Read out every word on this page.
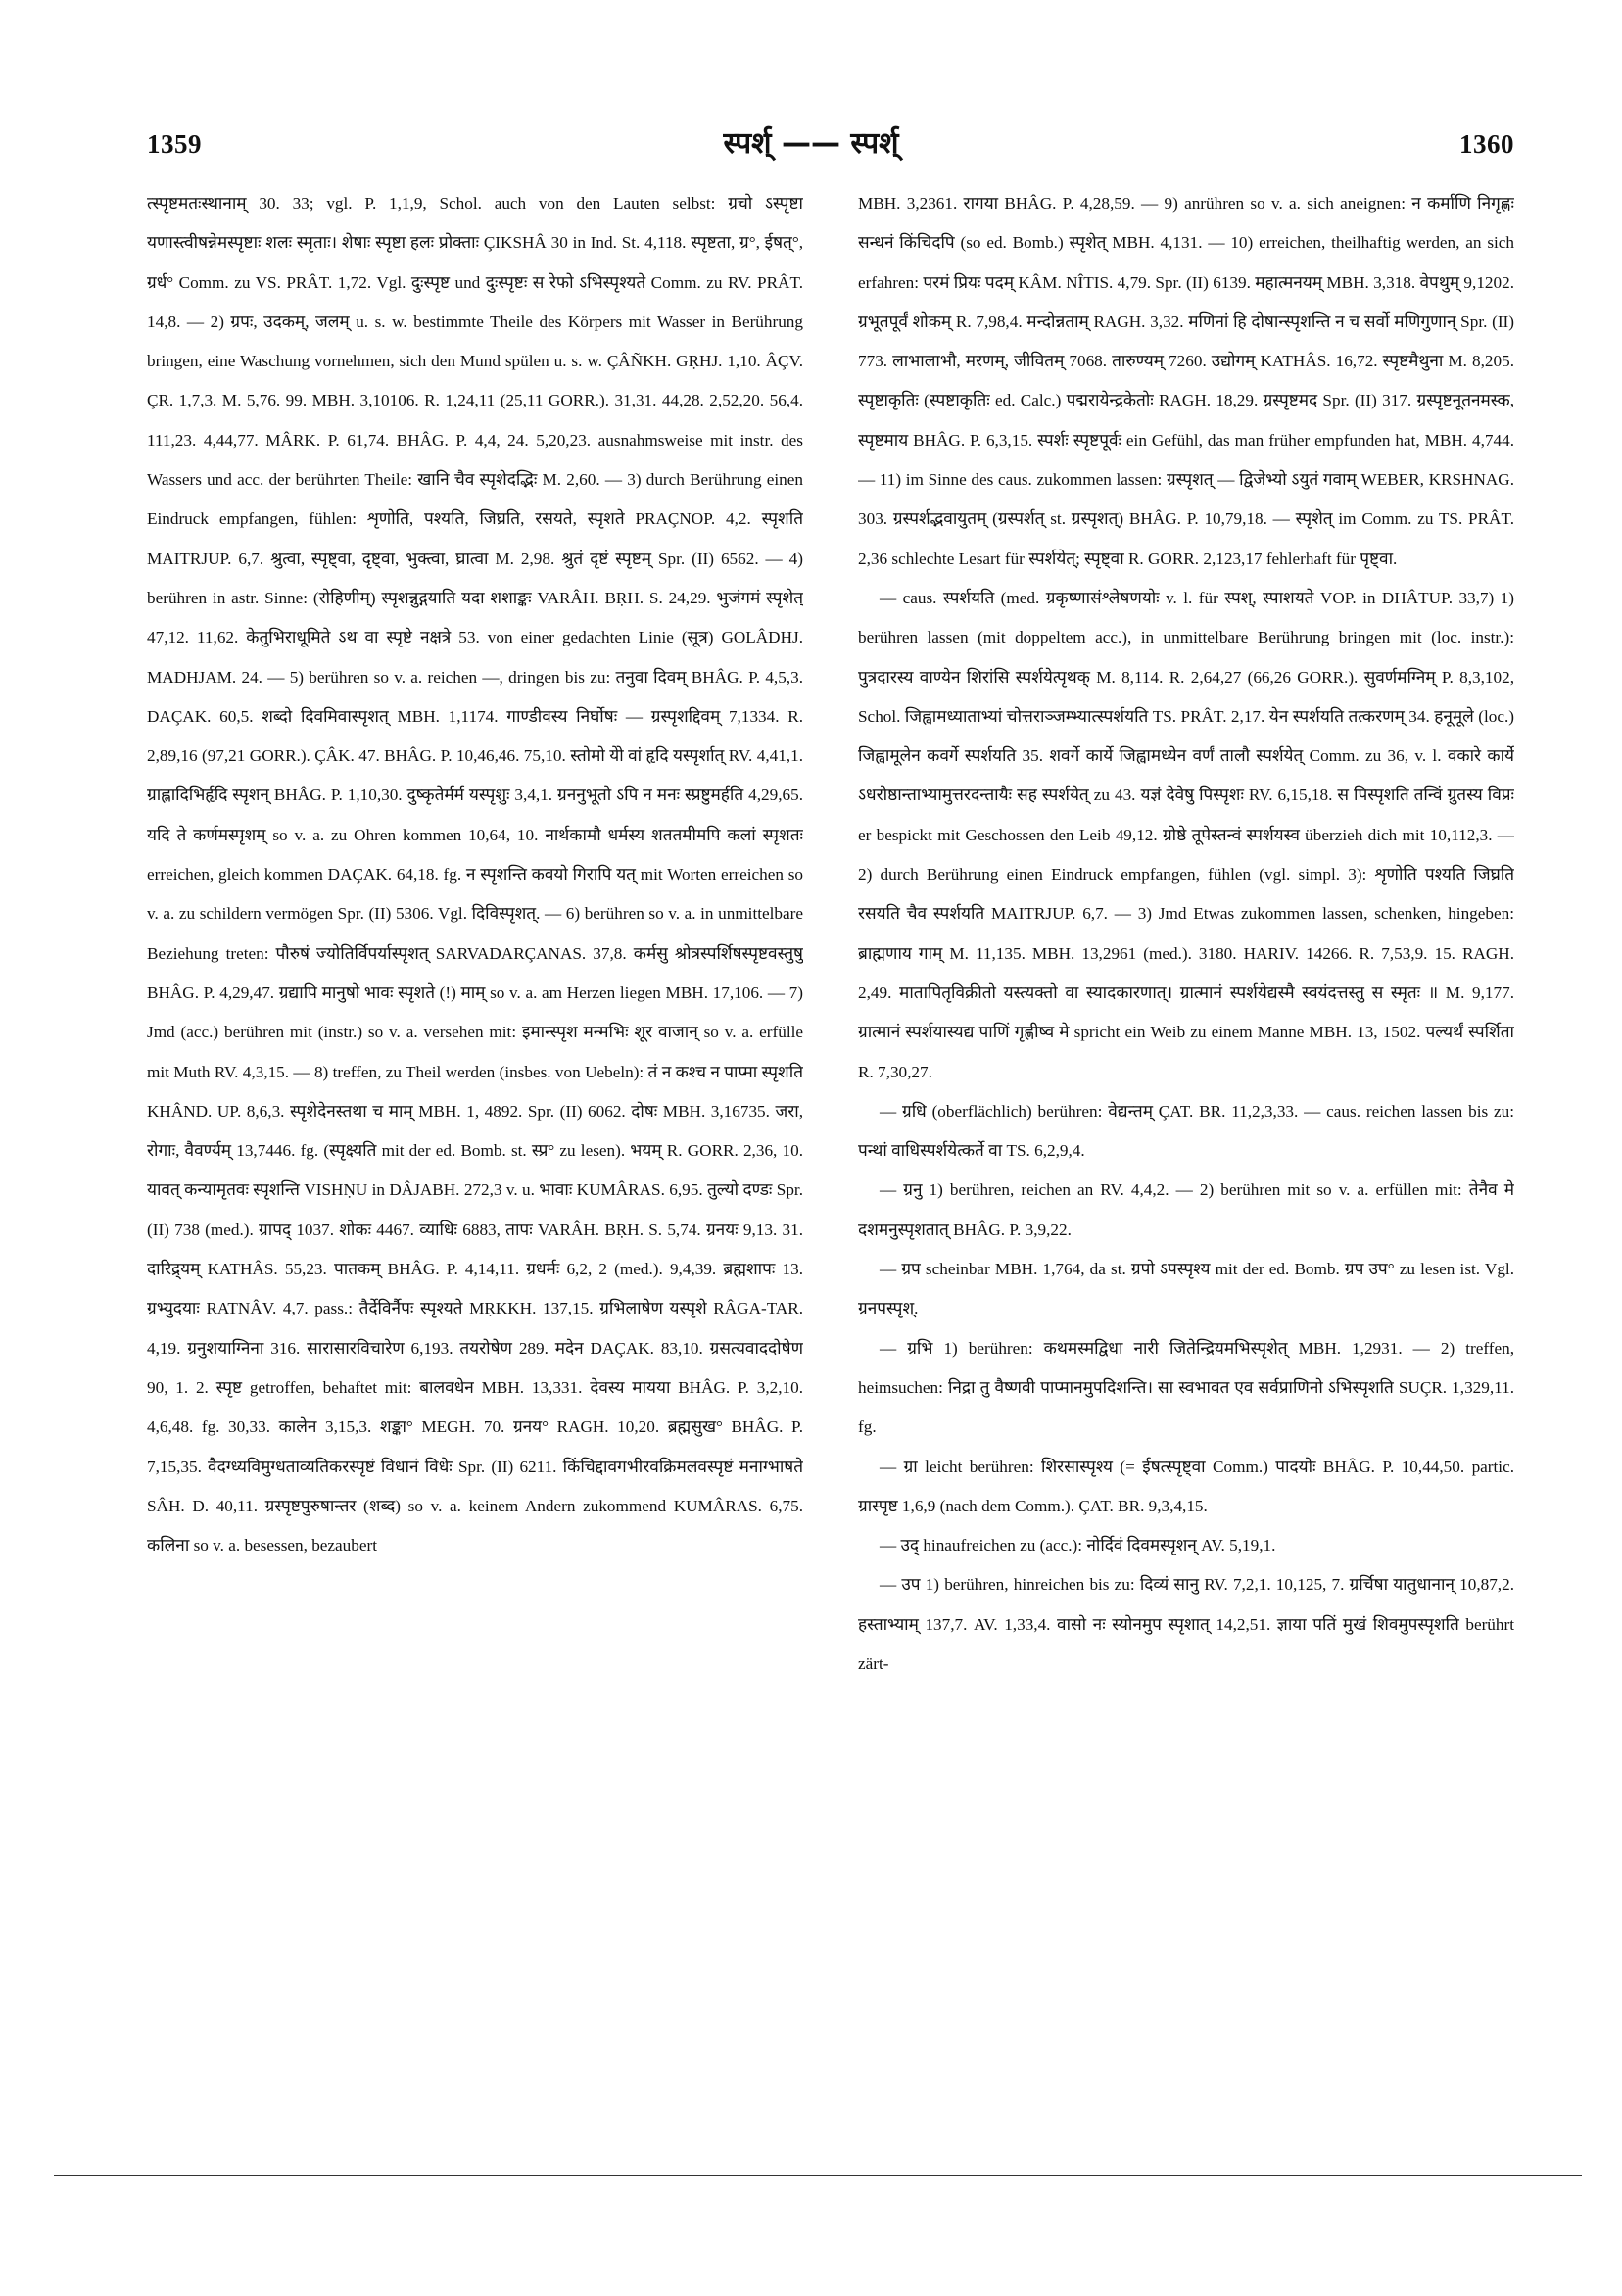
1359	स्पर्श् —— स्पर्श्	1360

त्स्पृष्टमतःस्थानाम् 30. 33; vgl. P. 1,1,9, Schol. auch von den Lauten selbst: ग्रचो ऽस्पृष्टा यणास्त्वीषन्नेमस्पृष्टाः शलः स्मृताः। शेषाः स्पृष्टा हलः प्रोक्ताः ÇIKSHÂ 30 in Ind. St. 4,118. स्पृष्टता, ग्र°, ईषत्°, ग्रर्ध° Comm. zu VS. PRÂT. 1,72. Vgl. दुःस्पृष्ट und दुःस्पृष्टः स रेफो ऽभिस्पृश्यते Comm. zu RV. PRÂT. 14,8. — 2) ग्रपः, उदकम्, जलम् u. s. w. bestimmte Theile des Körpers mit Wasser in Berührung bringen, eine Waschung vornehmen, sich den Mund spülen u. s. w. ÇÂÑKH. GṚHJ. 1,10. ÂÇV. ÇR. 1,7,3. M. 5,76. 99. MBH. 3,10106. R. 1,24,11 (25,11 GORR.). 31,31. 44,28. 2,52,20. 56,4. 111,23. 4,44,77. MÂRK. P. 61,74. BHÂG. P. 4,4, 24. 5,20,23. ausnahmsweise mit instr. des Wassers und acc. der berührten Theile: खानि चैव स्पृशेदद्भिः M. 2,60. — 3) durch Berührung einen Eindruck empfangen, fühlen: शृणोति, पश्यति, जिघ्रति, रसयते, स्पृशते PRAÇNOP. 4,2. स्पृशति MAITRJUP. 6,7. श्रुत्वा, स्पृष्ट्वा, दृष्ट्वा, भुक्त्वा, घ्रात्वा M. 2,98. श्रुतं दृष्टं स्पृष्टम् Spr. (II) 6562. — 4) berühren in astr. Sinne: (रोहिणीम्) स्पृशन्नुद्गयाति यदा शशाङ्कः VARÂH. BṚH. S. 24,29. भुजंगमं स्पृशेत् 47,12. 11,62. केतुभिराधूमिते ऽथ वा स्पृष्टे नक्षत्रे 53. von einer gedachten Linie (सूत्र) GOLÂDHJ. MADHJAM. 24. — 5) berühren so v. a. reichen —, dringen bis zu: तनुवा दिवम् BHÂG. P. 4,5,3. DAÇAK. 60,5. शब्दो दिवमिवास्पृशत् MBH. 1,1174. गाण्डीवस्य निर्घोषः — ग्रस्पृशद्दिवम् 7,1334. R. 2,89,16 (97,21 GORR.). ÇÂK. 47. BHÂG. P. 10,46,46. 75,10. स्तोमो येो वां हृदि यस्पृर्शात् RV. 4,41,1. ग्राह्लादिभिर्हृदि स्पृशन् BHÂG. P. 1,10,30. दुष्कृतेर्मर्म यस्पृशुः 3,4,1. ग्रननुभूतो ऽपि न मनः स्प्रष्टुमर्हति 4,29,65. यदि ते कर्णमस्पृशम् so v. a. zu Ohren kommen 10,64, 10. नार्थकामौ धर्मस्य शततमीमपि कलां स्पृशतः erreichen, gleich kommen DAÇAK. 64,18. fg. न स्पृशन्ति कवयो गिरापि यत् mit Worten erreichen so v. a. zu schildern vermögen Spr. (II) 5306. Vgl. दिविस्पृशत्. — 6) berühren so v. a. in unmittelbare Beziehung treten: पौरुषं ज्योतिर्विपर्यास्पृशत् SARVADARÇANAS. 37,8. कर्मसु श्रोत्रस्पर्शिषस्पृष्टवस्तुषु BHÂG. P. 4,29,47. ग्रद्यापि मानुषो भावः स्पृशते (!) माम् so v. a. am Herzen liegen MBH. 17,106. — 7) Jmd (acc.) berühren mit (instr.) so v. a. versehen mit: इमान्स्पृश मन्मभिः शूर वाजान् so v. a. erfülle mit Muth RV. 4,3,15. — 8) treffen, zu Theil werden (insbes. von Uebeln): तं न कश्च न पाप्मा स्पृशति KHÂND. UP. 8,6,3. स्पृशेदेनस्तथा च माम् MBH. 1, 4892. Spr. (II) 6062. दोषः MBH. 3,16735. जरा, रोगाः, वैवर्ण्यम् 13,7446. fg. (स्पृक्ष्यति mit der ed. Bomb. st. स्प्र° zu lesen). भयम् R. GORR. 2,36, 10. यावत् कन्यामृतवः स्पृशन्ति VISHṆU in DÂJABH. 272,3 v. u. भावाः KUMÂRAS. 6,95. तुल्यो दण्डः Spr. (II) 738 (med.). ग्रापद् 1037. शोकः 4467. व्याधिः 6883, तापः VARÂH. BṚH. S. 5,74. ग्रनयः 9,13. 31. दारिद्र्यम् KATHÂS. 55,23. पातकम् BHÂG. P. 4,14,11. ग्रधर्मः 6,2, 2 (med.). 9,4,39. ब्रह्मशापः 13. ग्रभ्युदयाः RATNÂV. 4,7. pass.: तैर्देविर्नैपः स्पृश्यते MṚKKH. 137,15. ग्रभिलाषेण यस्पृशे RÂGA-TAR. 4,19. ग्रनुशयाग्निना 316. सारासारविचारेण 6,193. तयरोषेण 289. मदेन DAÇAK. 83,10. ग्रसत्यवाददोषेण 90, 1. 2. स्पृष्ट getroffen, behaftet mit: बालवधेन MBH. 13,331. देवस्य मायया BHÂG. P. 3,2,10. 4,6,48. fg. 30,33. कालेन 3,15,3. शङ्का° MEGH. 70. ग्रनय° RAGH. 10,20. ब्रह्मसुख° BHÂG. P. 7,15,35. वैदग्ध्यविमुग्धताव्यतिकरस्पृष्टं विधानं विधेः Spr. (II) 6211. किंचिद्दावगभीरवक्रिमलवस्पृष्टं मनाग्भाषते SÂH. D. 40,11. ग्रस्पृष्टपुरुषान्तर (शब्द) so v. a. keinem Andern zukommend KUMÂRAS. 6,75. कलिना so v. a. besessen, bezaubert

MBH. 3,2361. रागया BHÂG. P. 4,28,59. — 9) anrühren so v. a. sich aneignen: न कर्माणि निगृह्णः सन्धनं किंचिदपि (so ed. Bomb.) स्पृशेत् MBH. 4,131. — 10) erreichen, theilhaftig werden, an sich erfahren: परमं प्रियः पदम् KÂM. NÎTIS. 4,79. Spr. (II) 6139. महात्मनयम् MBH. 3,318. वेपथुम् 9,1202. ग्रभूतपूर्वं शोकम् R. 7,98,4. मन्दोन्नताम् RAGH. 3,32. मणिनां हि दोषान्स्पृशन्ति न च सर्वो मणिगुणान् Spr. (II) 773. लाभालाभौ, मरणम्, जीवितम् 7068. तारुण्यम् 7260. उद्योगम् KATHÂS. 16,72. स्पृष्टमैथुना M. 8,205. स्पृष्टाकृतिः (स्पष्टाकृतिः ed. Calc.) पद्मरायेन्द्रकेतोः RAGH. 18,29. ग्रस्पृष्टमद Spr. (II) 317. ग्रस्पृष्टनूतनमस्क, स्पृष्टमाय BHÂG. P. 6,3,15. स्पर्शः स्पृष्टपूर्वः ein Gefühl, das man früher empfunden hat, MBH. 4,744. — 11) im Sinne des caus. zukommen lassen: ग्रस्पृशत् — द्विजेभ्यो ऽयुतं गवाम् WEBER, KRSHNAG. 303. ग्रस्पर्शद्भवायुतम् (ग्रस्पर्शत् st. ग्रस्पृशत्) BHÂG. P. 10,79,18. — स्पृशेत् im Comm. zu TS. PRÂT. 2,36 schlechte Lesart für स्पर्शयेत्; स्पृष्ट्वा R. GORR. 2,123,17 fehlerhaft für पृष्ट्वा.

— caus. स्पर्शयति (med. ग्रकृष्णासंश्लेषणयोः v. l. für स्पश्, स्पाशयते VOP. in DHÂTUP. 33,7) 1) berühren lassen (mit doppeltem acc.), in unmittelbare Berührung bringen mit (loc. instr.): पुत्रदारस्य वाण्येन शिरांसि स्पर्शयेत्पृथक् M. 8,114. R. 2,64,27 (66,26 GORR.). सुवर्णमग्निम् P. 8,3,102, Schol. जिह्वामध्याताभ्यां चोत्तराञ्जम्भ्यात्स्पर्शयति TS. PRÂT. 2,17. येन स्पर्शयति तत्करणम् 34. हनूमूले (loc.) जिह्वामूलेन कवर्गे स्पर्शयति 35. शवर्गे कार्ये जिह्वामध्येन वर्णं तालौ स्पर्शयेत् Comm. zu 36, v. l. वकारे कार्ये ऽधरोष्ठान्ताभ्यामुत्तरदन्तायैः सह स्पर्शयेत् zu 43. यज्ञं देवेषु पिस्पृशः RV. 6,15,18. स पिस्पृशति तन्विं ग्रुतस्य विप्रः er bespickt mit Geschossen den Leib 49,12. ग्रोष्ठे तूपेस्तन्वं स्पर्शयस्व überzieh dich mit 10,112,3. — 2) durch Berührung einen Eindruck empfangen, fühlen (vgl. simpl. 3): शृणोति पश्यति जिघ्रति रसयति चैव स्पर्शयति MAITRJUP. 6,7. — 3) Jmd Etwas zukommen lassen, schenken, hingeben: ब्राह्मणाय गाम् M. 11,135. MBH. 13,2961 (med.). 3180. HARIV. 14266. R. 7,53,9. 15. RAGH. 2,49. मातापितृविक्रीतो यस्त्यक्तो वा स्यादकारणात्। ग्रात्मानं स्पर्शयेद्यस्मै स्वयंदत्तस्तु स स्मृतः ॥ M. 9,177. ग्रात्मानं स्पर्शयास्यद्य पाणिं गृह्णीष्व मे spricht ein Weib zu einem Manne MBH. 13, 1502. पल्यर्थं स्पर्शिता R. 7,30,27.

— ग्रधि (oberflächlich) berühren: वेद्यन्तम् ÇAT. BR. 11,2,3,33. — caus. reichen lassen bis zu: पन्थां वाधिस्पर्शयेत्कर्ते वा TS. 6,2,9,4.

— ग्रनु 1) berühren, reichen an RV. 4,4,2. — 2) berühren mit so v. a. erfüllen mit: तेनैव मे दशमनुस्पृशतात् BHÂG. P. 3,9,22.

— ग्रप scheinbar MBH. 1,764, da st. ग्रपो ऽपस्पृश्य mit der ed. Bomb. ग्रप उप° zu lesen ist. Vgl. ग्रनपस्पृश्.

— ग्रभि 1) berühren: कथमस्मद्विधा नारी जितेन्द्रियमभिस्पृशेत् MBH. 1,2931. — 2) treffen, heimsuchen: निद्रा तु वैष्णवी पाप्मानमुपदिशन्ति। सा स्वभावत एव सर्वप्राणिनो ऽभिस्पृशति SUÇR. 1,329,11. fg.

— ग्रा leicht berühren: शिरसास्पृश्य (= ईषत्स्पृष्ट्वा Comm.) पादयोः BHÂG. P. 10,44,50. partic. ग्रास्पृष्ट 1,6,9 (nach dem Comm.). ÇAT. BR. 9,3,4,15.

— उद् hinaufreichen zu (acc.): नोर्दिवं दिवमस्पृशन् AV. 5,19,1.

— उप 1) berühren, hinreichen bis zu: दिव्यं सानु RV. 7,2,1. 10,125, 7. ग्रर्चिषा यातुधानान् 10,87,2. हस्ताभ्याम् 137,7. AV. 1,33,4. वासो नः स्योनमुप स्पृशात् 14,2,51. ज्ञाया पतिं मुखं शिवमुपस्पृशति berührt zärt-
